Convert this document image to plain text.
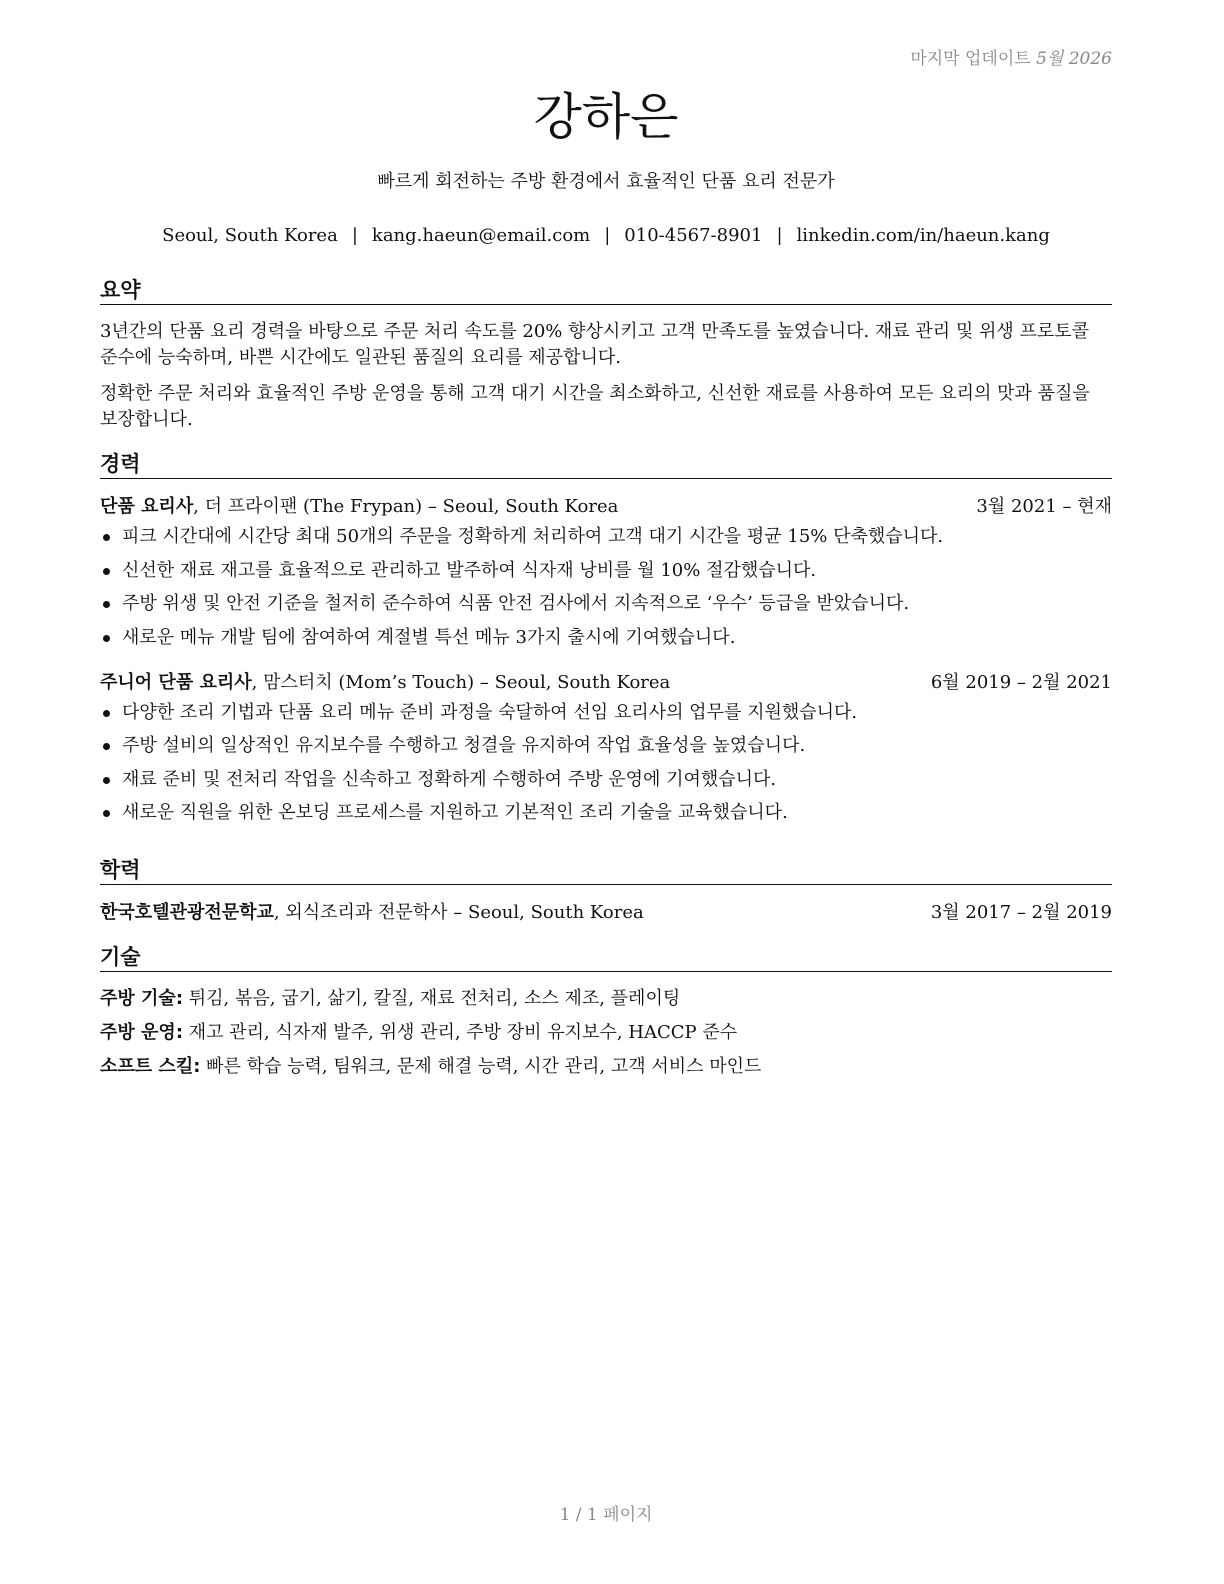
마지막 업데이트 5월 2026
강하은
빠르게 회전하는 주방 환경에서 효율적인 단품 요리 전문가
Seoul, South Korea | kang.haeun@email.com | 010-4567-8901 | linkedin.com/in/haeun.kang
요약

3년간의 단품 요리 경력을 바탕으로 주문 처리 속도를 20% 향상시키고 고객 만족도를 높였습니다. 재료 관리 및 위생 프로토콜 준수에 능숙하며, 바쁜 시간에도 일관된 품질의 요리를 제공합니다.

정확한 주문 처리와 효율적인 주방 운영을 통해 고객 대기 시간을 최소화하고, 신선한 재료를 사용하여 모든 요리의 맛과 품질을 보장합니다.

경력
단품 요리사, 더 프라이팬 (The Frypan) – Seoul, South Korea	3월 2021 – 현재
피크 시간대에 시간당 최대 50개의 주문을 정확하게 처리하여 고객 대기 시간을 평균 15% 단축했습니다.
신선한 재료 재고를 효율적으로 관리하고 발주하여 식자재 낭비를 월 10% 절감했습니다.
주방 위생 및 안전 기준을 철저히 준수하여 식품 안전 검사에서 지속적으로 ‘우수’ 등급을 받았습니다.
새로운 메뉴 개발 팀에 참여하여 계절별 특선 메뉴 3가지 출시에 기여했습니다.
주니어 단품 요리사, 맘스터치 (Mom’s Touch) – Seoul, South Korea	6월 2019 – 2월 2021
다양한 조리 기법과 단품 요리 메뉴 준비 과정을 숙달하여 선임 요리사의 업무를 지원했습니다.
주방 설비의 일상적인 유지보수를 수행하고 청결을 유지하여 작업 효율성을 높였습니다.
재료 준비 및 전처리 작업을 신속하고 정확하게 수행하여 주방 운영에 기여했습니다.
새로운 직원을 위한 온보딩 프로세스를 지원하고 기본적인 조리 기술을 교육했습니다.
학력
한국호텔관광전문학교, 외식조리과 전문학사 – Seoul, South Korea	3월 2017 – 2월 2019
기술
주방 기술: 튀김, 볶음, 굽기, 삶기, 칼질, 재료 전처리, 소스 제조, 플레이팅
주방 운영: 재고 관리, 식자재 발주, 위생 관리, 주방 장비 유지보수, HACCP 준수
소프트 스킬: 빠른 학습 능력, 팀워크, 문제 해결 능력, 시간 관리, 고객 서비스 마인드
1 / 1 페이지
